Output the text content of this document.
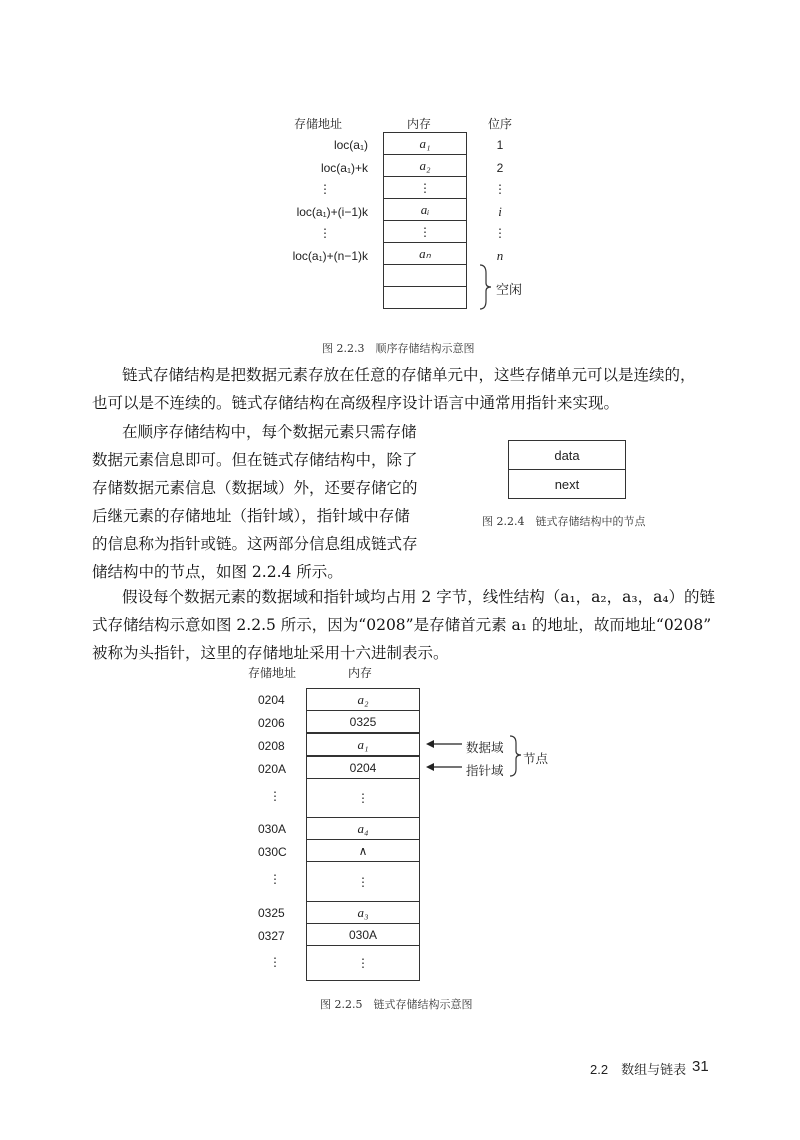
存储地址	内存	位序
loc(a₁)	a₁	1
loc(a₁)+k	a₂	2
⋮	⋮	⋮
loc(a₁)+(i−1)k	aᵢ	i
⋮	⋮	⋮
loc(a₁)+(n−1)k	aₙ	n
空闲
图 2.2.3　顺序存储结构示意图
链式存储结构是把数据元素存放在任意的存储单元中，这些存储单元可以是连续的，
也可以是不连续的。链式存储结构在高级程序设计语言中通常用指针来实现。
在顺序存储结构中，每个数据元素只需存储
数据元素信息即可。但在链式存储结构中，除了
存储数据元素信息（数据域）外，还要存储它的
后继元素的存储地址（指针域），指针域中存储
的信息称为指针或链。这两部分信息组成链式存
储结构中的节点，如图 2.2.4 所示。
data
next
图 2.2.4　链式存储结构中的节点
假设每个数据元素的数据域和指针域均占用 2 字节，线性结构（a₁，a₂，a₃，a₄）的链
式存储结构示意如图 2.2.5 所示，因为“0208”是存储首元素 a₁ 的地址，故而地址“0208”
被称为头指针，这里的存储地址采用十六进制表示。
存储地址	内存
0204	a₂
0206	0325
0208	a₁
020A	0204
⋮	⋮
030A	a₄
030C	∧
⋮	⋮
0325	a₃
0327	030A
⋮	⋮
数据域
指针域
节点
图 2.2.5　链式存储结构示意图
2.2　数组与链表 31
